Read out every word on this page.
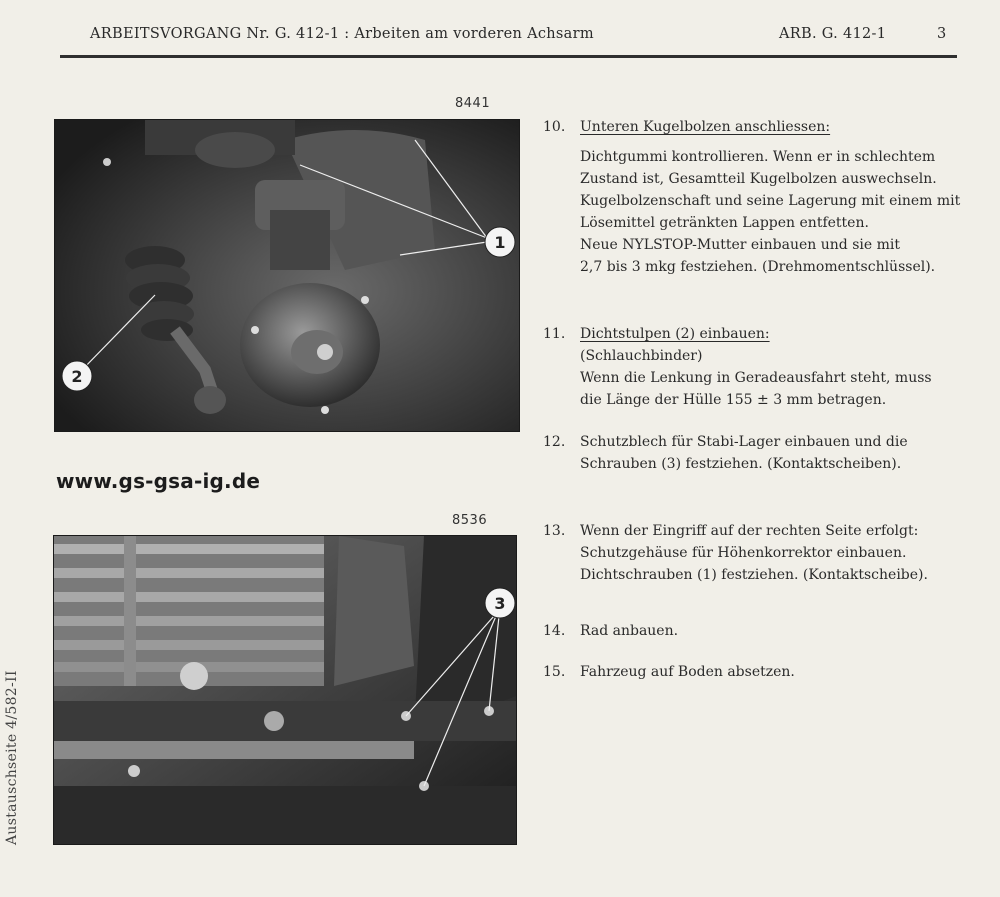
ARBEITSVORGANG Nr. G. 412-1 : Arbeiten am vorderen Achsarm	ARB. G. 412-1	3
8441
1
2
www.gs-gsa-ig.de
8536
3
Austauschseite 4/582-II
10. Unteren Kugelbolzen anschliessen:
Dichtgummi kontrollieren. Wenn er in schlechtem
Zustand ist, Gesamtteil Kugelbolzen auswechseln.
Kugelbolzenschaft und seine Lagerung mit einem mit
Lösemittel getränkten Lappen entfetten.
Neue NYLSTOP-Mutter einbauen und sie mit
2,7 bis 3 mkg festziehen. (Drehmomentschlüssel).
11. Dichtstulpen (2) einbauen:
(Schlauchbinder)
Wenn die Lenkung in Geradeausfahrt steht, muss
die Länge der Hülle 155 ± 3 mm betragen.
12. Schutzblech für Stabi-Lager einbauen und die
Schrauben (3) festziehen. (Kontaktscheiben).
13. Wenn der Eingriff auf der rechten Seite erfolgt:
Schutzgehäuse für Höhenkorrektor einbauen.
Dichtschrauben (1) festziehen. (Kontaktscheibe).
14. Rad anbauen.
15. Fahrzeug auf Boden absetzen.
